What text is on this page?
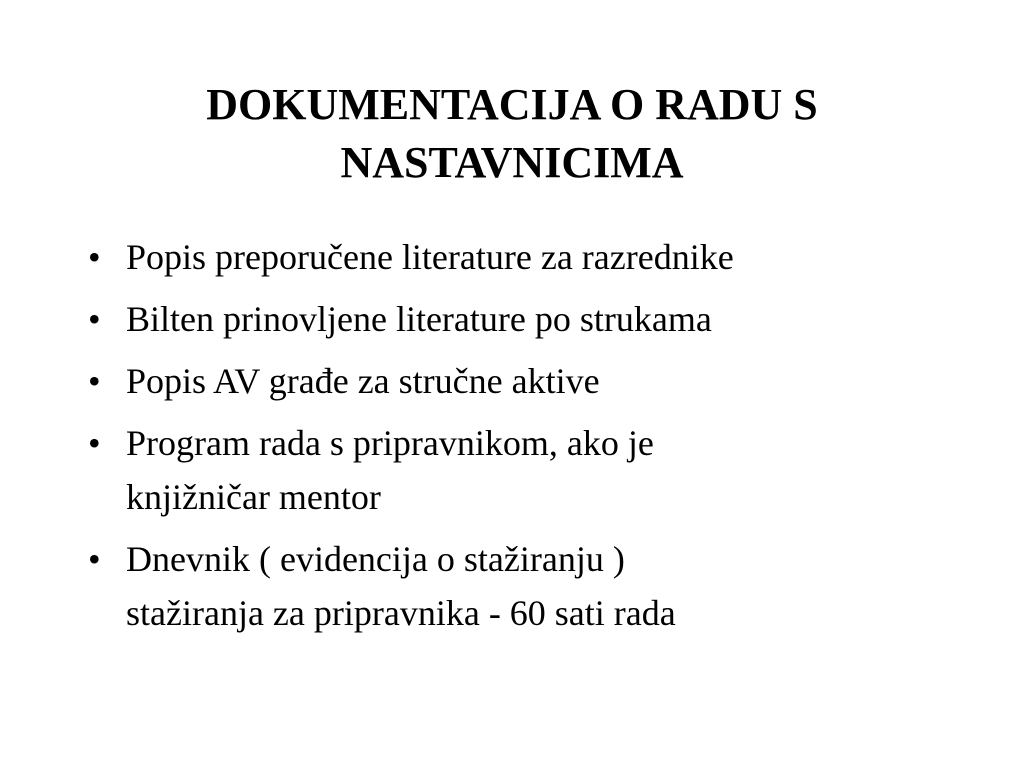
DOKUMENTACIJA O RADU S
NASTAVNICIMA
• Popis preporučene literature za razrednike
• Bilten prinovljene literature po strukama
• Popis AV građe za stručne aktive
• Program rada s pripravnikom, ako je
knjižničar mentor
• Dnevnik ( evidencija o stažiranju )
stažiranja za pripravnika - 60 sati rada
